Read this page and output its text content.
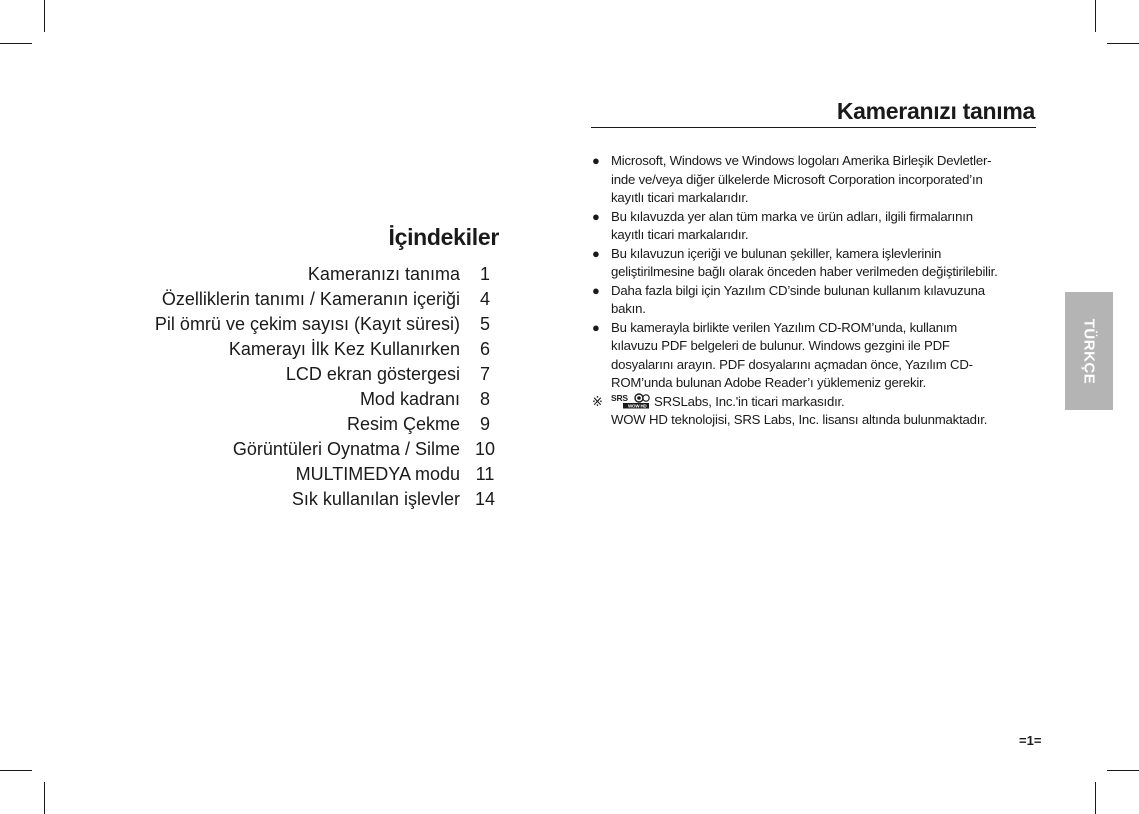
İçindekiler
Kameranızı tanıma	1
Özelliklerin tanımı / Kameranın içeriği	4
Pil ömrü ve çekim sayısı (Kayıt süresi)	5
Kamerayı İlk Kez Kullanırken	6
LCD ekran göstergesi	7
Mod kadranı	8
Resim Çekme	9
Görüntüleri Oynatma / Silme 10
MULTIMEDYA modu 11
Sık kullanılan işlevler 14
Kameranızı tanıma
● Microsoft, Windows ve Windows logoları Amerika Birleşik Devletler-
inde ve/veya diğer ülkelerde Microsoft Corporation incorporated’ın
kayıtlı ticari markalarıdır.
● Bu kılavuzda yer alan tüm marka ve ürün adları, ilgili firmalarının
kayıtlı ticari markalarıdır.
● Bu kılavuzun içeriği ve bulunan şekiller, kamera işlevlerinin
geliştirilmesine bağlı olarak önceden haber verilmeden değiştirilebilir.
● Daha fazla bilgi için Yazılım CD’sinde bulunan kullanım kılavuzuna
bakın.
● Bu kamerayla birlikte verilen Yazılım CD-ROM’unda, kullanım
kılavuzu PDF belgeleri de bulunur. Windows gezgini ile PDF
dosyalarını arayın. PDF dosyalarını açmadan önce, Yazılım CD-
ROM’unda bulunan Adobe Reader’ı yüklemeniz gerekir.
※ SRS
WOW HD SRSLabs, Inc.'in ticari markasıdır.
WOW HD teknolojisi, SRS Labs, Inc. lisansı altında bulunmaktadır.
TÜRKÇE
=1=
